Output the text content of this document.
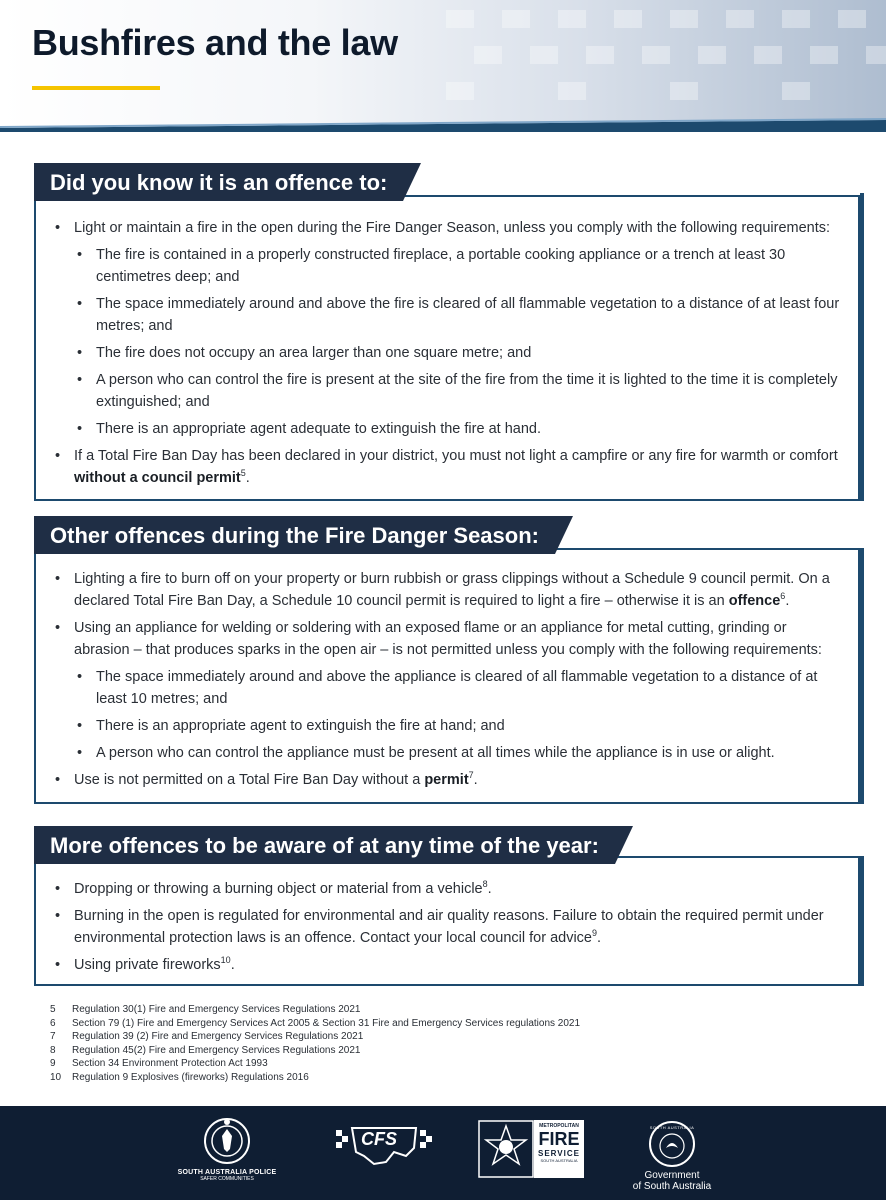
Bushfires and the law
• Light or maintain a fire in the open during the Fire Danger Season, unless you comply with the following requirements:
• The fire is contained in a properly constructed fireplace, a portable cooking appliance or a trench at least 30 centimetres deep; and
• The space immediately around and above the fire is cleared of all flammable vegetation to a distance of at least four metres; and
• The fire does not occupy an area larger than one square metre; and
• A person who can control the fire is present at the site of the fire from the time it is lighted to the time it is completely extinguished; and
• There is an appropriate agent adequate to extinguish the fire at hand.
• If a Total Fire Ban Day has been declared in your district, you must not light a campfire or any fire for warmth or comfort without a council permit$^5$.
Did you know it is an offence to:
• Lighting a fire to burn off on your property or burn rubbish or grass clippings without a Schedule 9 council permit. On a declared Total Fire Ban Day, a Schedule 10 council permit is required to light a fire – otherwise it is an offence$^6$.
• Using an appliance for welding or soldering with an exposed flame or an appliance for metal cutting, grinding or abrasion – that produces sparks in the open air – is not permitted unless you comply with the following requirements:
• The space immediately around and above the appliance is cleared of all flammable vegetation to a distance of at least 10 metres; and
• There is an appropriate agent to extinguish the fire at hand; and
• A person who can control the appliance must be present at all times while the appliance is in use or alight.
• Use is not permitted on a Total Fire Ban Day without a permit$^7$.
Other offences during the Fire Danger Season:
• Dropping or throwing a burning object or material from a vehicle$^8$.
• Burning in the open is regulated for environmental and air quality reasons. Failure to obtain the required permit under environmental protection laws is an offence. Contact your local council for advice$^9$.
• Using private fireworks$^{10}$.
More offences to be aware of at any time of the year:
5	Regulation 30(1) Fire and Emergency Services Regulations 2021
6	Section 79 (1) Fire and Emergency Services Act 2005 & Section 31 Fire and Emergency Services regulations 2021
7	Regulation 39 (2) Fire and Emergency Services Regulations 2021
8	Regulation 45(2) Fire and Emergency Services Regulations 2021
9	Section 34 Environment Protection Act 1993
10	Regulation 9 Explosives (fireworks) Regulations 2016
SOUTH AUSTRALIA POLICE
SAFER COMMUNITIES
CFS
METROPOLITAN
FIRE
SERVICE
SOUTH AUSTRALIA
SOUTH AUSTRALIA
Government
of South Australia
